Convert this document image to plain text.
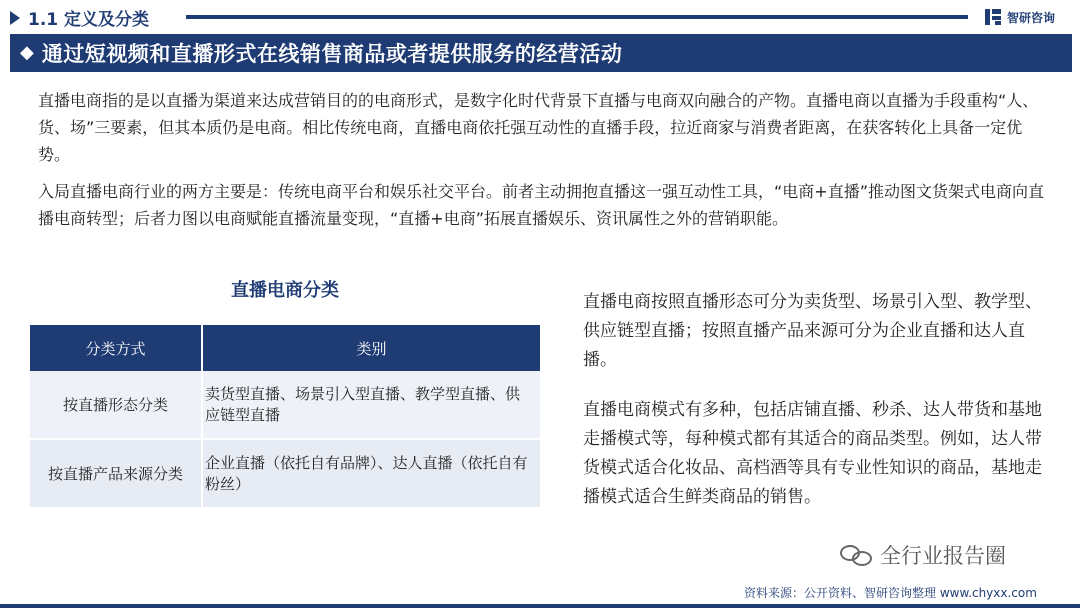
1.1 定义及分类	智研咨询
◆ 通过短视频和直播形式在线销售商品或者提供服务的经营活动
直播电商指的是以直播为渠道来达成营销目的的电商形式，是数字化时代背景下直播与电商双向融合的产物。直播电商以直播为手段重构“人、货、场”三要素，但其本质仍是电商。相比传统电商，直播电商依托强互动性的直播手段，拉近商家与消费者距离，在获客转化上具备一定优势。
入局直播电商行业的两方主要是：传统电商平台和娱乐社交平台。前者主动拥抱直播这一强互动性工具，“电商+直播”推动图文货架式电商向直播电商转型；后者力图以电商赋能直播流量变现，“直播+电商”拓展直播娱乐、资讯属性之外的营销职能。
直播电商分类
分类方式	类别
按直播形态分类	卖货型直播、场景引入型直播、教学型直播、供应链型直播
按直播产品来源分类	企业直播（依托自有品牌）、达人直播（依托自有粉丝）
直播电商按照直播形态可分为卖货型、场景引入型、教学型、供应链型直播；按照直播产品来源可分为企业直播和达人直播。
直播电商模式有多种，包括店铺直播、秒杀、达人带货和基地走播模式等，每种模式都有其适合的商品类型。例如，达人带货模式适合化妆品、高档酒等具有专业性知识的商品，基地走播模式适合生鲜类商品的销售。
全行业报告圈
资料来源：公开资料、智研咨询整理 www.chyxx.com
